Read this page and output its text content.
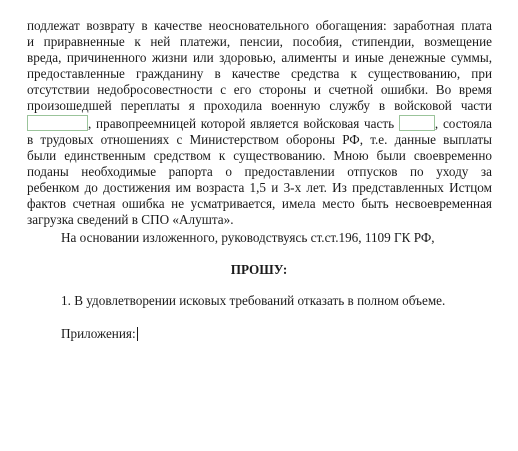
подлежат возврату в качестве неосновательного обогащения: заработная плата
и приравненные к ней платежи, пенсии, пособия, стипендии, возмещение
вреда, причиненного жизни или здоровью, алименты и иные денежные суммы,
предоставленные гражданину в качестве средства к существованию, при
отсутствии недобросовестности с его стороны и счетной ошибки. Во время
произошедшей переплаты я проходила военную службу в войсковой части
, правопреемницей которой является войсковая часть	, состояла
в трудовых отношениях с Министерством обороны РФ, т.е. данные выплаты
были единственным средством к существованию. Мною были своевременно
поданы необходимые рапорта о предоставлении отпусков по уходу за
ребенком до достижения им возраста 1,5 и 3-х лет. Из представленных Истцом
фактов счетная ошибка не усматривается, имела место быть несвоевременная
загрузка сведений в СПО «Алушта».
На основании изложенного, руководствуясь ст.ст.196, 1109 ГК РФ,
ПРОШУ:
1. В удовлетворении исковых требований отказать в полном объеме.
Приложения:
